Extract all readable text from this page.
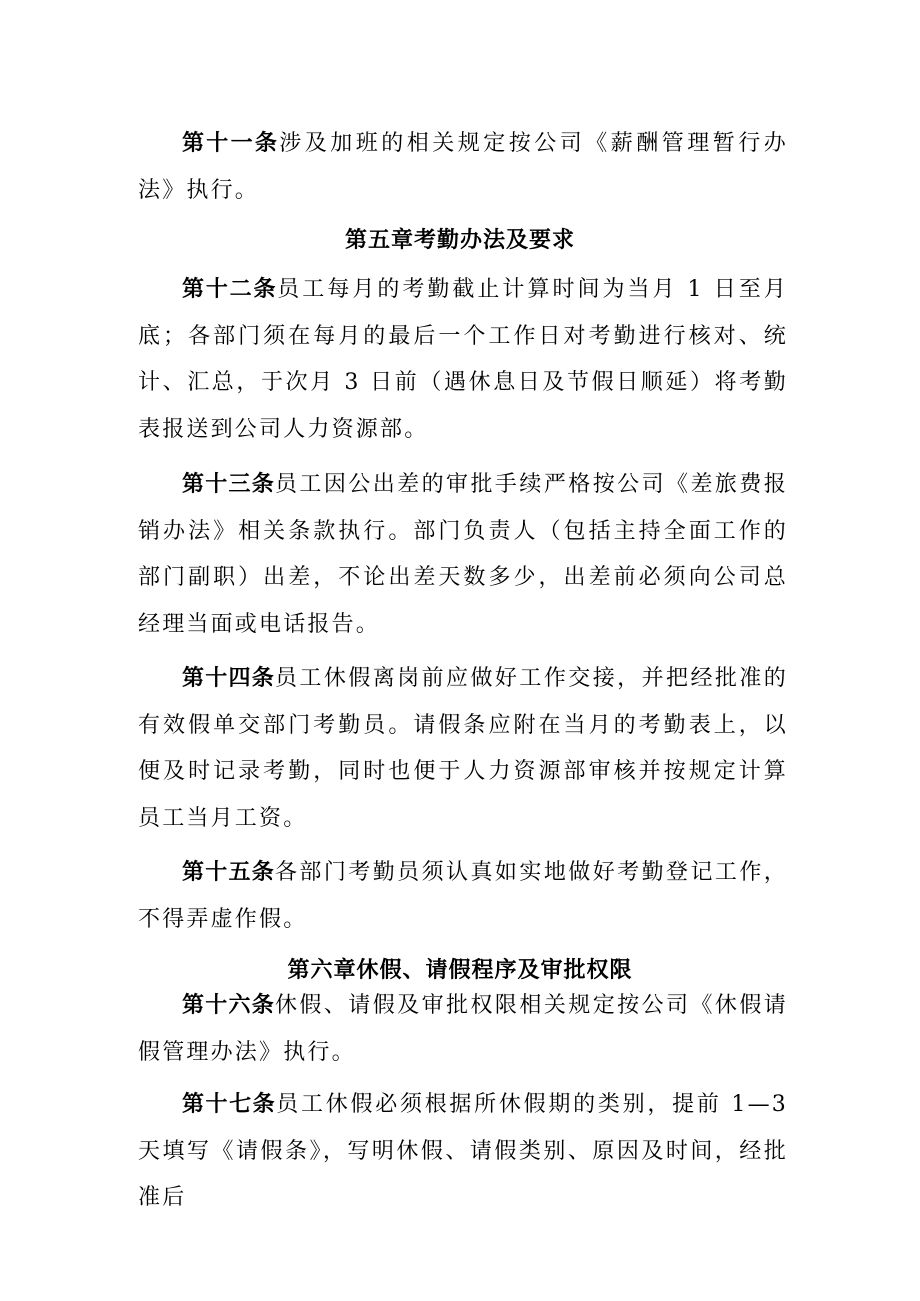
第十一条涉及加班的相关规定按公司《薪酬管理暂行办法》执行。

第五章考勤办法及要求

第十二条员工每月的考勤截止计算时间为当月 1 日至月底；各部门须在每月的最后一个工作日对考勤进行核对、统计、汇总，于次月 3 日前（遇休息日及节假日顺延）将考勤表报送到公司人力资源部。

第十三条员工因公出差的审批手续严格按公司《差旅费报销办法》相关条款执行。部门负责人（包括主持全面工作的部门副职）出差，不论出差天数多少，出差前必须向公司总经理当面或电话报告。

第十四条员工休假离岗前应做好工作交接，并把经批准的有效假单交部门考勤员。请假条应附在当月的考勤表上，以便及时记录考勤，同时也便于人力资源部审核并按规定计算员工当月工资。

第十五条各部门考勤员须认真如实地做好考勤登记工作，不得弄虚作假。

第六章休假、请假程序及审批权限

第十六条休假、请假及审批权限相关规定按公司《休假请假管理办法》执行。

第十七条员工休假必须根据所休假期的类别，提前 1—3 天填写《请假条》，写明休假、请假类别、原因及时间，经批准后
